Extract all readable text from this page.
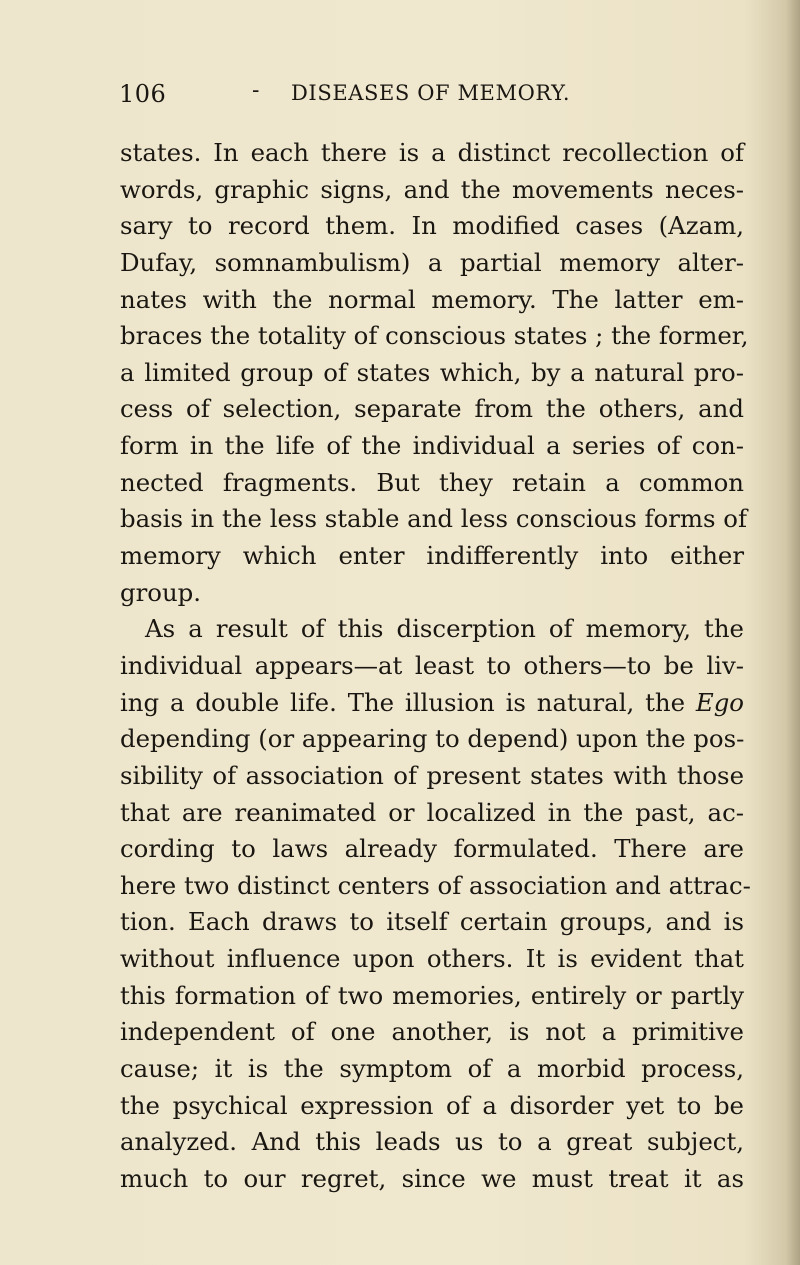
106	- DISEASES OF MEMORY.
states. In each there is a distinct recollection of
words, graphic signs, and the movements neces-
sary to record them. In modified cases (Azam,
Dufay, somnambulism) a partial memory alter-
nates with the normal memory. The latter em-
braces the totality of conscious states ; the former,
a limited group of states which, by a natural pro-
cess of selection, separate from the others, and
form in the life of the individual a series of con-
nected fragments. But they retain a common
basis in the less stable and less conscious forms of
memory which enter indifferently into either
group.
As a result of this discerption of memory, the
individual appears—at least to others—to be liv-
ing a double life. The illusion is natural, the Ego
depending (or appearing to depend) upon the pos-
sibility of association of present states with those
that are reanimated or localized in the past, ac-
cording to laws already formulated. There are
here two distinct centers of association and attrac-
tion. Each draws to itself certain groups, and is
without influence upon others. It is evident that
this formation of two memories, entirely or partly
independent of one another, is not a primitive
cause; it is the symptom of a morbid process,
the psychical expression of a disorder yet to be
analyzed. And this leads us to a great subject,
much to our regret, since we must treat it as
